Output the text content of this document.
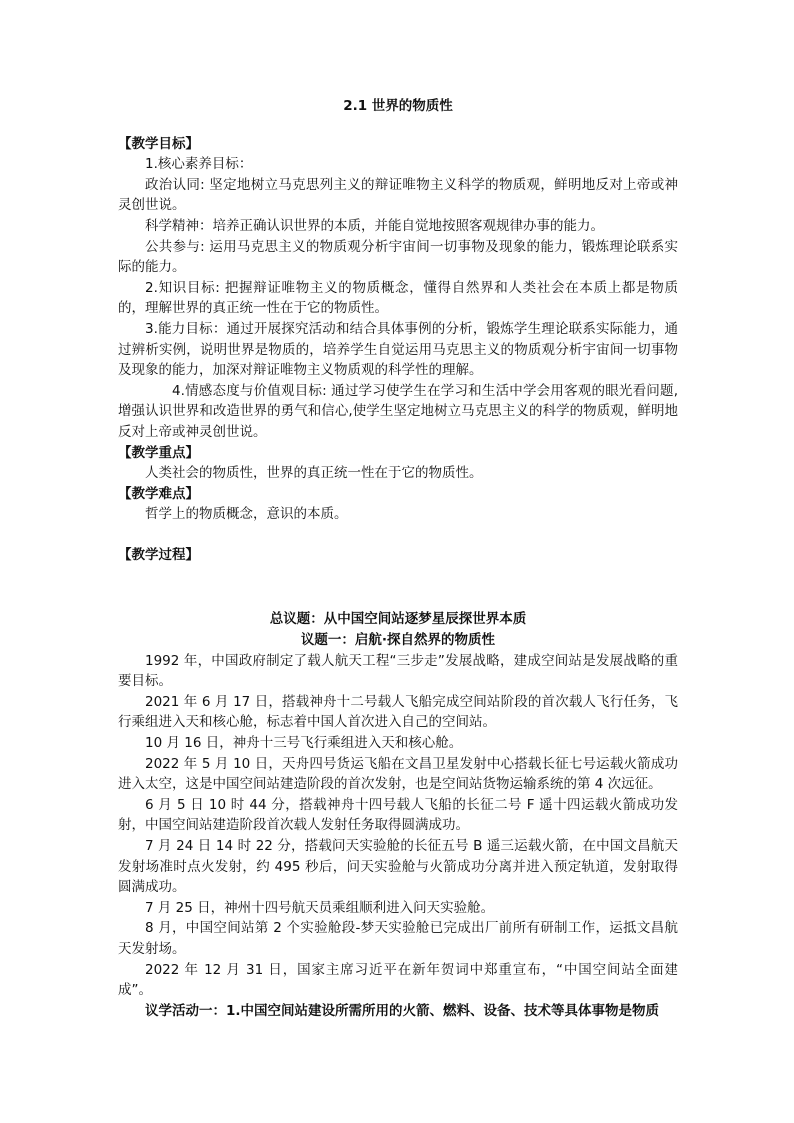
2.1 世界的物质性

【教学目标】

1.核心素养目标：

政治认同: 坚定地树立马克思列主义的辩证唯物主义科学的物质观，鲜明地反对上帝或神灵创世说。

科学精神：培养正确认识世界的本质，并能自觉地按照客观规律办事的能力。

公共参与: 运用马克思主义的物质观分析宇宙间一切事物及现象的能力，锻炼理论联系实际的能力。

2.知识目标: 把握辩证唯物主义的物质概念，懂得自然界和人类社会在本质上都是物质的，理解世界的真正统一性在于它的物质性。

3.能力目标：通过开展探究活动和结合具体事例的分析，锻炼学生理论联系实际能力，通过辨析实例，说明世界是物质的，培养学生自觉运用马克思主义的物质观分析宇宙间一切事物及现象的能力，加深对辩证唯物主义物质观的科学性的理解。

4.情感态度与价值观目标: 通过学习使学生在学习和生活中学会用客观的眼光看问题,增强认识世界和改造世界的勇气和信心,使学生坚定地树立马克思主义的科学的物质观，鲜明地反对上帝或神灵创世说。

【教学重点】

人类社会的物质性，世界的真正统一性在于它的物质性。

【教学难点】

哲学上的物质概念，意识的本质。

【教学过程】

总议题：从中国空间站逐梦星辰探世界本质

议题一：启航·探自然界的物质性

1992 年，中国政府制定了载人航天工程“三步走”发展战略，建成空间站是发展战略的重要目标。

2021 年 6 月 17 日，搭载神舟十二号载人飞船完成空间站阶段的首次载人飞行任务，飞行乘组进入天和核心舱，标志着中国人首次进入自己的空间站。

10 月 16 日，神舟十三号飞行乘组进入天和核心舱。

2022 年 5 月 10 日，天舟四号货运飞船在文昌卫星发射中心搭载长征七号运载火箭成功进入太空，这是中国空间站建造阶段的首次发射，也是空间站货物运输系统的第 4 次远征。

6 月 5 日 10 时 44 分，搭载神舟十四号载人飞船的长征二号 F 遥十四运载火箭成功发射，中国空间站建造阶段首次载人发射任务取得圆满成功。

7 月 24 日 14 时 22 分，搭载问天实验舱的长征五号 B 遥三运载火箭，在中国文昌航天发射场准时点火发射，约 495 秒后，问天实验舱与火箭成功分离并进入预定轨道，发射取得圆满成功。

7 月 25 日，神州十四号航天员乘组顺利进入问天实验舱。

8 月，中国空间站第 2 个实验舱段-梦天实验舱已完成出厂前所有研制工作，运抵文昌航天发射场。

2022 年 12 月 31 日，国家主席习近平在新年贺词中郑重宣布，“中国空间站全面建成”。

议学活动一：1.中国空间站建设所需所用的火箭、燃料、设备、技术等具体事物是物质
